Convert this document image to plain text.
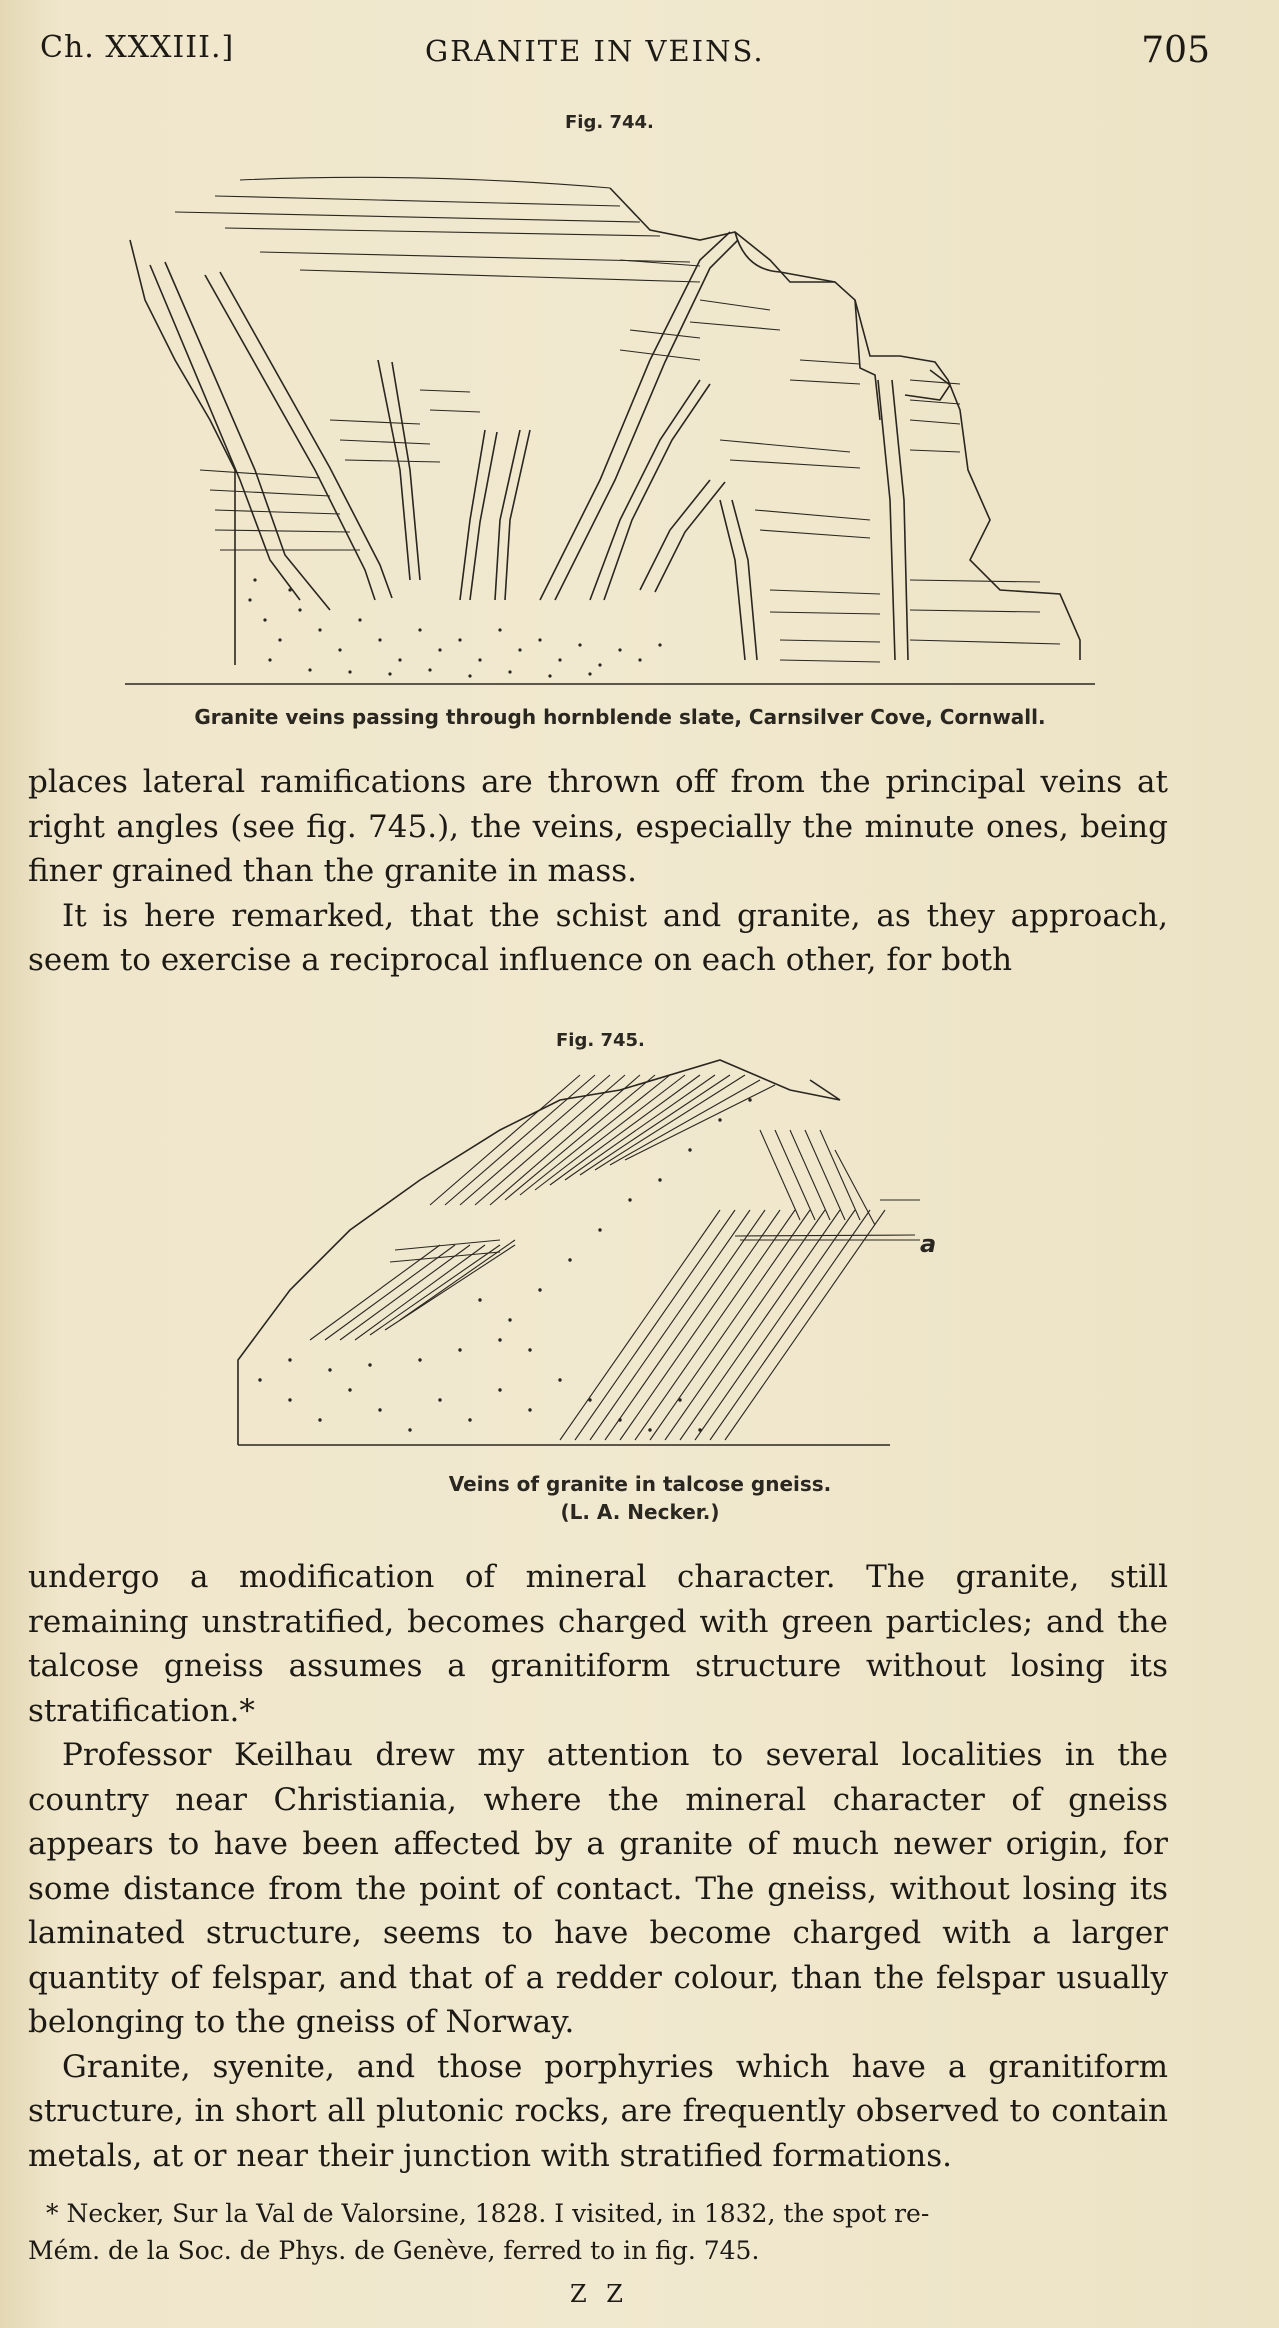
Ch. XXXIII.]	GRANITE IN VEINS.	705
Fig. 744.
Granite veins passing through hornblende slate, Carnsilver Cove, Cornwall.

places lateral ramifications are thrown off from the principal veins at right angles (see fig. 745.), the veins, especially the minute ones, being finer grained than the granite in mass.

It is here remarked, that the schist and granite, as they approach, seem to exercise a reciprocal influence on each other, for both

Fig. 745.
a
Veins of granite in talcose gneiss.
(L. A. Necker.)

undergo a modification of mineral character. The granite, still remaining unstratified, becomes charged with green particles; and the talcose gneiss assumes a granitiform structure without losing its stratification.*

Professor Keilhau drew my attention to several localities in the country near Christiania, where the mineral character of gneiss appears to have been affected by a granite of much newer origin, for some distance from the point of contact. The gneiss, without losing its laminated structure, seems to have become charged with a larger quantity of felspar, and that of a redder colour, than the felspar usually belonging to the gneiss of Norway.

Granite, syenite, and those porphyries which have a granitiform structure, in short all plutonic rocks, are frequently observed to contain metals, at or near their junction with stratified formations.

* Necker, Sur la Val de Valorsine, 1828. I visited, in 1832, the spot re-
Mém. de la Soc. de Phys. de Genève, ferred to in fig. 745.
Z Z
